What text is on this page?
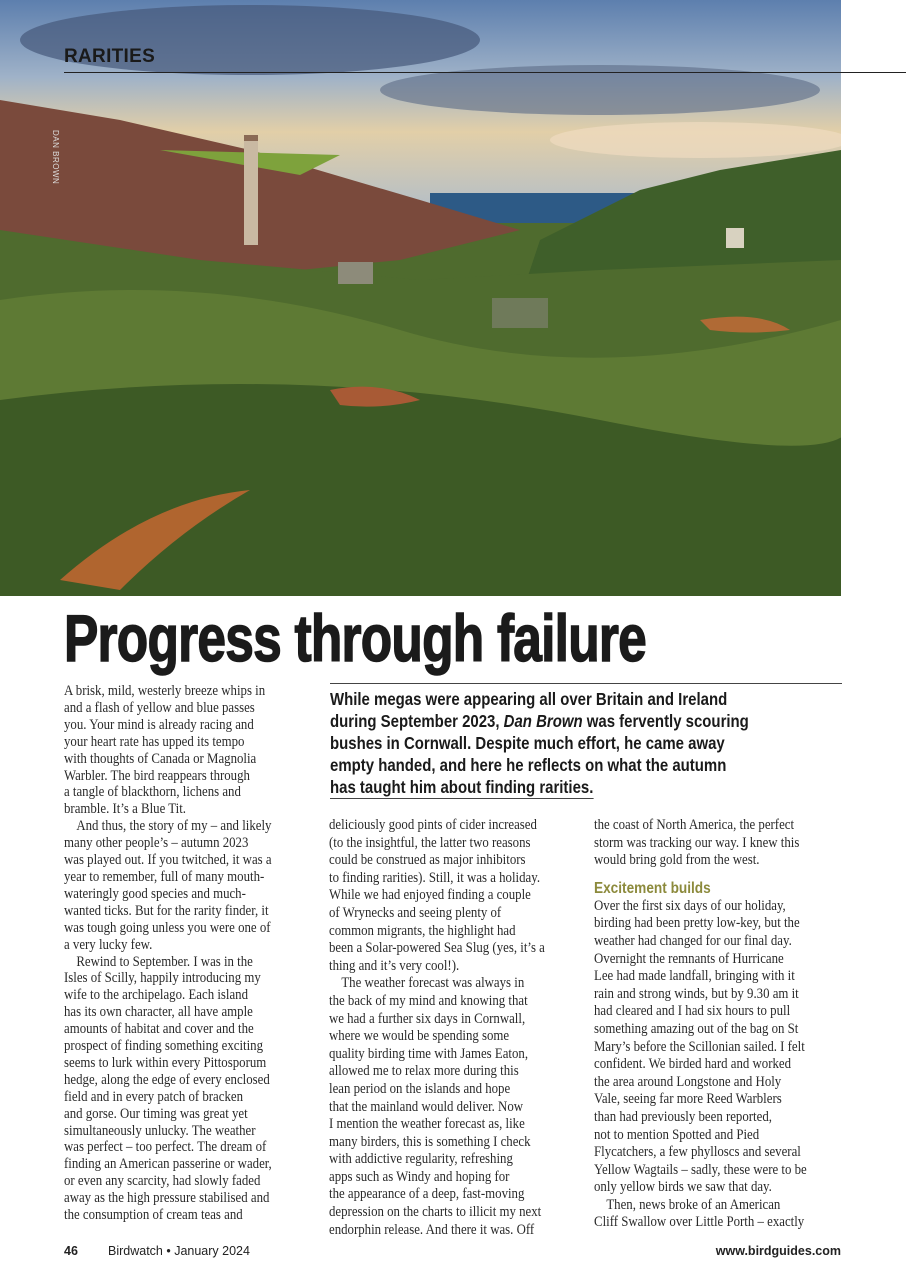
RARITIES
DAN BROWN
Progress through failure
While megas were appearing all over Britain and Ireland
during September 2023, Dan Brown was fervently scouring
bushes in Cornwall. Despite much effort, he came away
empty handed, and here he reflects on what the autumn
has taught him about finding rarities.

A brisk, mild, westerly breeze whips in
and a flash of yellow and blue passes
you. Your mind is already racing and
your heart rate has upped its tempo
with thoughts of Canada or Magnolia
Warbler. The bird reappears through
a tangle of blackthorn, lichens and
bramble. It’s a Blue Tit.

And thus, the story of my – and likely
many other people’s – autumn 2023
was played out. If you twitched, it was a
year to remember, full of many mouth-
wateringly good species and much-
wanted ticks. But for the rarity finder, it
was tough going unless you were one of
a very lucky few.

Rewind to September. I was in the
Isles of Scilly, happily introducing my
wife to the archipelago. Each island
has its own character, all have ample
amounts of habitat and cover and the
prospect of finding something exciting
seems to lurk within every Pittosporum
hedge, along the edge of every enclosed
field and in every patch of bracken
and gorse. Our timing was great yet
simultaneously unlucky. The weather
was perfect – too perfect. The dream of
finding an American passerine or wader,
or even any scarcity, had slowly faded
away as the high pressure stabilised and
the consumption of cream teas and

deliciously good pints of cider increased
(to the insightful, the latter two reasons
could be construed as major inhibitors
to finding rarities). Still, it was a holiday.
While we had enjoyed finding a couple
of Wrynecks and seeing plenty of
common migrants, the highlight had
been a Solar-powered Sea Slug (yes, it’s a
thing and it’s very cool!).

The weather forecast was always in
the back of my mind and knowing that
we had a further six days in Cornwall,
where we would be spending some
quality birding time with James Eaton,
allowed me to relax more during this
lean period on the islands and hope
that the mainland would deliver. Now
I mention the weather forecast as, like
many birders, this is something I check
with addictive regularity, refreshing
apps such as Windy and hoping for
the appearance of a deep, fast-moving
depression on the charts to illicit my next
endorphin release. And there it was. Off

the coast of North America, the perfect
storm was tracking our way. I knew this
would bring gold from the west.

Excitement builds

Over the first six days of our holiday,
birding had been pretty low-key, but the
weather had changed for our final day.
Overnight the remnants of Hurricane
Lee had made landfall, bringing with it
rain and strong winds, but by 9.30 am it
had cleared and I had six hours to pull
something amazing out of the bag on St
Mary’s before the Scillonian sailed. I felt
confident. We birded hard and worked
the area around Longstone and Holy
Vale, seeing far more Reed Warblers
than had previously been reported,
not to mention Spotted and Pied
Flycatchers, a few phylloscs and several
Yellow Wagtails – sadly, these were to be
only yellow birds we saw that day.

Then, news broke of an American
Cliff Swallow over Little Porth – exactly

46 Birdwatch • January 2024	www.birdguides.com
